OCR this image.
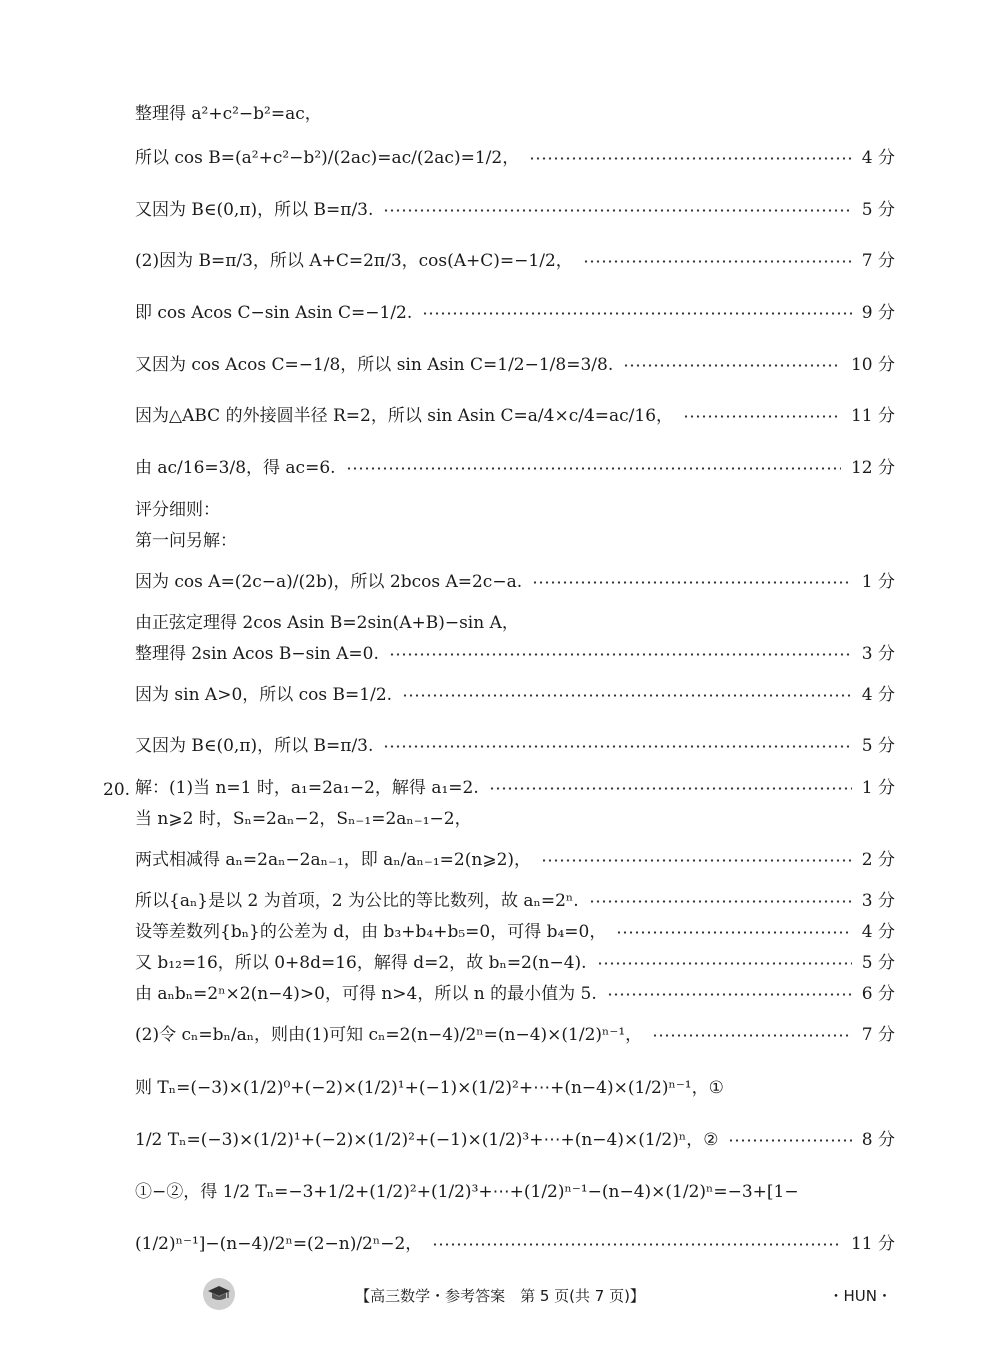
整理得 a²+c²−b²=ac，
所以 cos B=(a²+c²−b²)/(2ac)=ac/(2ac)=1/2，	4 分
又因为 B∈(0,π)，所以 B=π/3.	5 分
(2)因为 B=π/3，所以 A+C=2π/3，cos(A+C)=−1/2，	7 分
即 cos Acos C−sin Asin C=−1/2.	9 分
又因为 cos Acos C=−1/8，所以 sin Asin C=1/2−1/8=3/8.	10 分
因为△ABC 的外接圆半径 R=2，所以 sin Asin C=a/4×c/4=ac/16，	11 分
由 ac/16=3/8，得 ac=6.	12 分
评分细则：
第一问另解：
因为 cos A=(2c−a)/(2b)，所以 2bcos A=2c−a.	1 分
由正弦定理得 2cos Asin B=2sin(A+B)−sin A，
整理得 2sin Acos B−sin A=0.	3 分
因为 sin A>0，所以 cos B=1/2.	4 分
又因为 B∈(0,π)，所以 B=π/3.	5 分
20. 解：(1)当 n=1 时，a₁=2a₁−2，解得 a₁=2.	1 分
当 n⩾2 时，Sₙ=2aₙ−2，Sₙ₋₁=2aₙ₋₁−2，
两式相减得 aₙ=2aₙ−2aₙ₋₁，即 aₙ/aₙ₋₁=2(n⩾2)，	2 分
所以{aₙ}是以 2 为首项，2 为公比的等比数列，故 aₙ=2ⁿ.	3 分
设等差数列{bₙ}的公差为 d，由 b₃+b₄+b₅=0，可得 b₄=0，	4 分
又 b₁₂=16，所以 0+8d=16，解得 d=2，故 bₙ=2(n−4).	5 分
由 aₙbₙ=2ⁿ×2(n−4)>0，可得 n>4，所以 n 的最小值为 5.	6 分
(2)令 cₙ=bₙ/aₙ，则由(1)可知 cₙ=2(n−4)/2ⁿ=(n−4)×(1/2)ⁿ⁻¹，	7 分
则 Tₙ=(−3)×(1/2)⁰+(−2)×(1/2)¹+(−1)×(1/2)²+⋯+(n−4)×(1/2)ⁿ⁻¹，①
1/2 Tₙ=(−3)×(1/2)¹+(−2)×(1/2)²+(−1)×(1/2)³+⋯+(n−4)×(1/2)ⁿ，②	8 分
①−②，得 1/2 Tₙ=−3+1/2+(1/2)²+(1/2)³+⋯+(1/2)ⁿ⁻¹−(n−4)×(1/2)ⁿ=−3+[1−
(1/2)ⁿ⁻¹]−(n−4)/2ⁿ=(2−n)/2ⁿ−2，	11 分
【高三数学・参考答案　第 5 页(共 7 页)】	・HUN・
